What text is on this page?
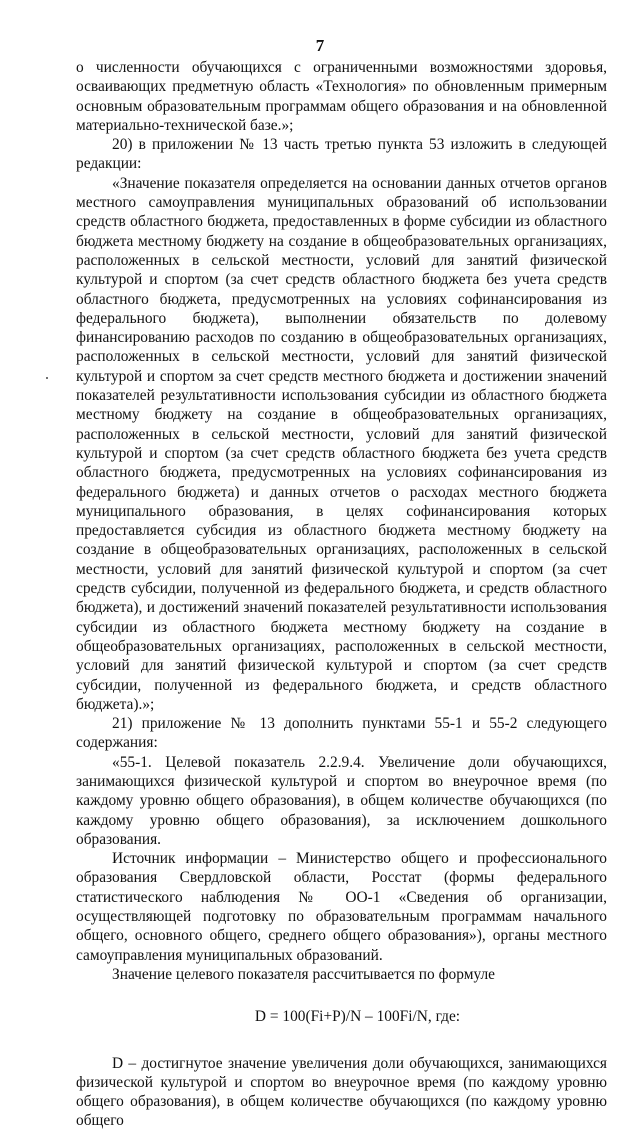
7

о численности обучающихся с ограниченными возможностями здоровья, осваивающих предметную область «Технология» по обновленным примерным основным образовательным программам общего образования и на обновленной материально-технической базе.»;

20) в приложении № 13 часть третью пункта 53 изложить в следующей редакции:

«Значение показателя определяется на основании данных отчетов органов местного самоуправления муниципальных образований об использовании средств областного бюджета, предоставленных в форме субсидии из областного бюджета местному бюджету на создание в общеобразовательных организациях, расположенных в сельской местности, условий для занятий физической культурой и спортом (за счет средств областного бюджета без учета средств областного бюджета, предусмотренных на условиях софинансирования из федерального бюджета), выполнении обязательств по долевому финансированию расходов по созданию в общеобразовательных организациях, расположенных в сельской местности, условий для занятий физической культурой и спортом за счет средств местного бюджета и достижении значений показателей результативности использования субсидии из областного бюджета местному бюджету на создание в общеобразовательных организациях, расположенных в сельской местности, условий для занятий физической культурой и спортом (за счет средств областного бюджета без учета средств областного бюджета, предусмотренных на условиях софинансирования из федерального бюджета) и данных отчетов о расходах местного бюджета муниципального образования, в целях софинансирования которых предоставляется субсидия из областного бюджета местному бюджету на создание в общеобразовательных организациях, расположенных в сельской местности, условий для занятий физической культурой и спортом (за счет средств субсидии, полученной из федерального бюджета, и средств областного бюджета), и достижений значений показателей результативности использования субсидии из областного бюджета местному бюджету на создание в общеобразовательных организациях, расположенных в сельской местности, условий для занятий физической культурой и спортом (за счет средств субсидии, полученной из федерального бюджета, и средств областного бюджета).»;

21) приложение № 13 дополнить пунктами 55-1 и 55-2 следующего содержания:

«55-1. Целевой показатель 2.2.9.4. Увеличение доли обучающихся, занимающихся физической культурой и спортом во внеурочное время (по каждому уровню общего образования), в общем количестве обучающихся (по каждому уровню общего образования), за исключением дошкольного образования.

Источник информации – Министерство общего и профессионального образования Свердловской области, Росстат (формы федерального статистического наблюдения № ОО-1 «Сведения об организации, осуществляющей подготовку по образовательным программам начального общего, основного общего, среднего общего образования»), органы местного самоуправления муниципальных образований.

Значение целевого показателя рассчитывается по формуле

D = 100(Fi+P)/N – 100Fi/N, где:

D – достигнутое значение увеличения доли обучающихся, занимающихся физической культурой и спортом во внеурочное время (по каждому уровню общего образования), в общем количестве обучающихся (по каждому уровню общего
